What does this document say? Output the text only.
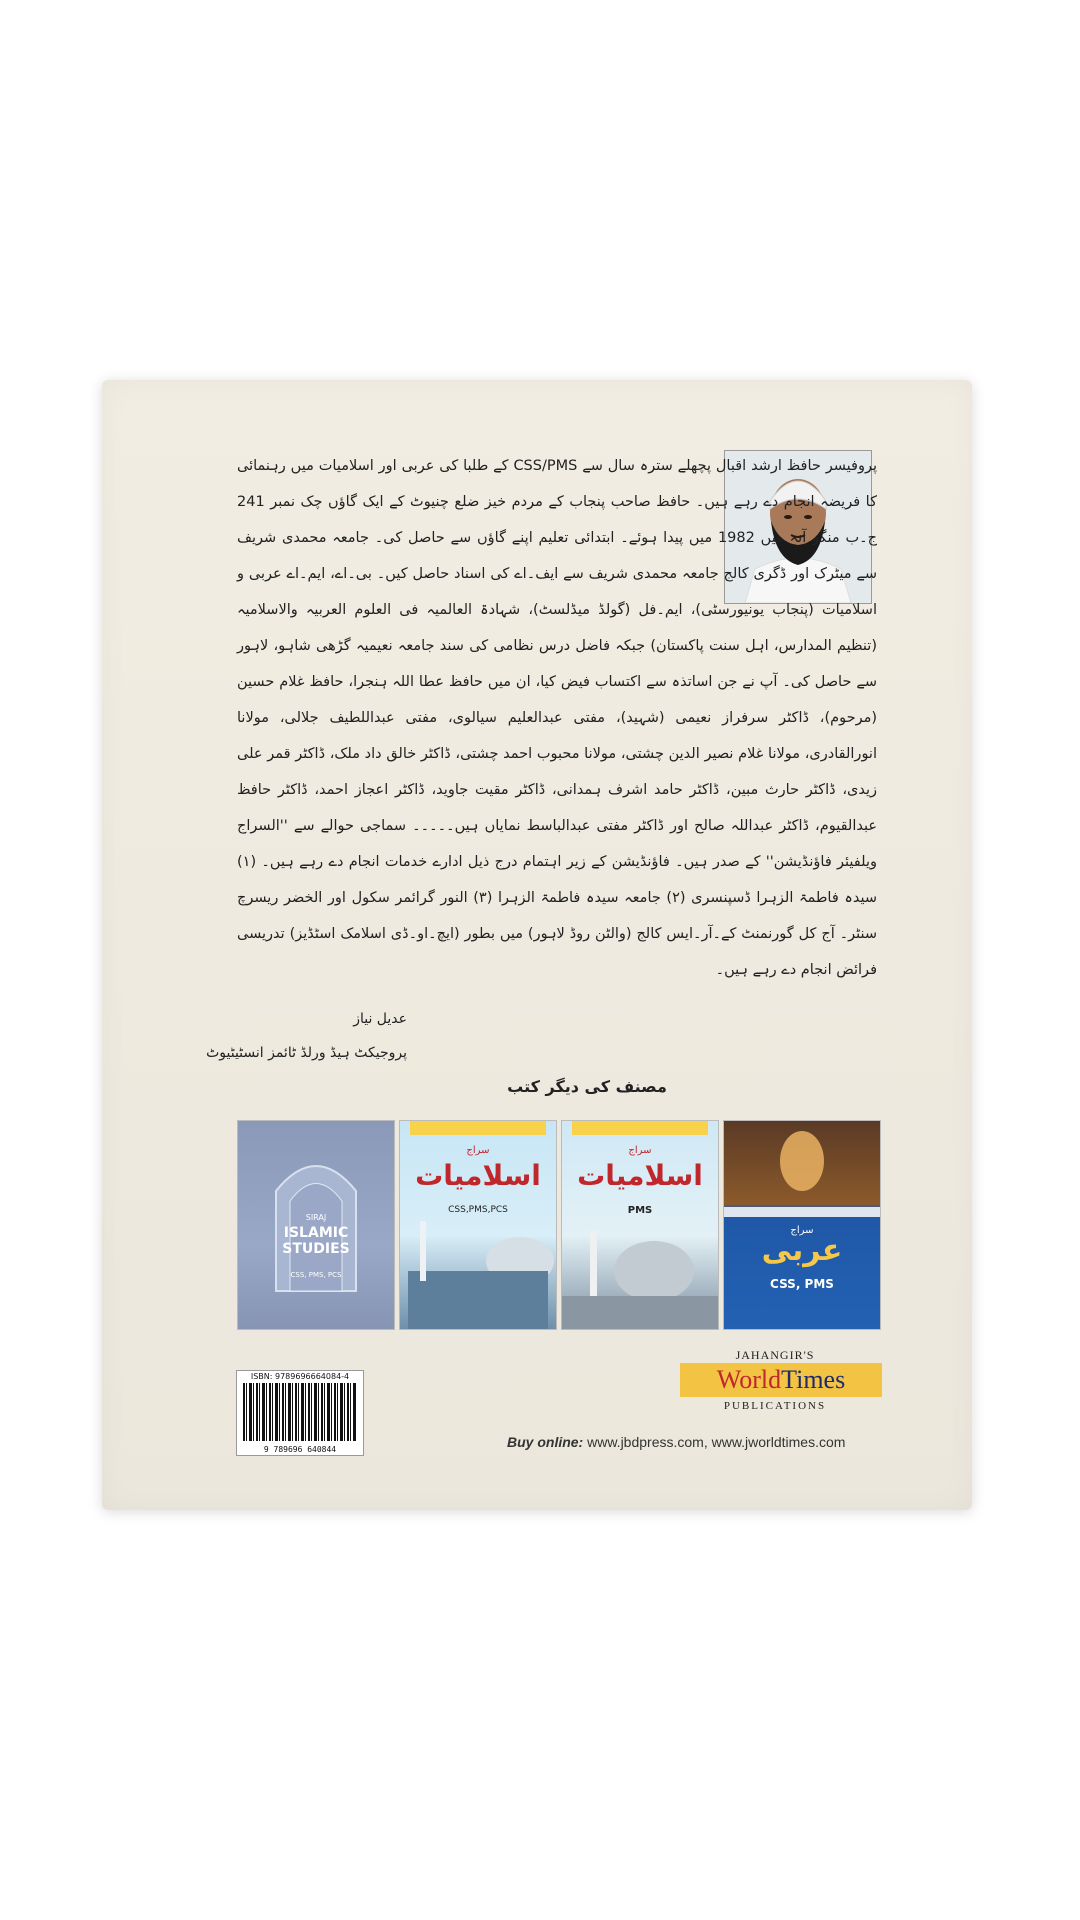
پروفیسر حافظ ارشد اقبال پچھلے سترہ سال سے CSS/PMS کے طلبا کی عربی اور اسلامیات میں رہنمائی کا فریضہ انجام دے رہے ہیں۔ حافظ صاحب پنجاب کے مردم خیز ضلع چنیوٹ کے ایک گاؤں چک نمبر 241 ج۔ب منگو آنہ میں 1982 میں پیدا ہوئے۔ ابتدائی تعلیم اپنے گاؤں سے حاصل کی۔ جامعہ محمدی شریف سے میٹرک اور ڈگری کالج جامعہ محمدی شریف سے ایف۔اے کی اسناد حاصل کیں۔ بی۔اے، ایم۔اے عربی و اسلامیات (پنجاب یونیورسٹی)، ایم۔فل (گولڈ میڈلسٹ)، شہادۃ العالمیہ فی العلوم العربیہ والاسلامیہ (تنظیم المدارس، اہل سنت پاکستان) جبکہ فاضل درس نظامی کی سند جامعہ نعیمیہ گڑھی شاہو، لاہور سے حاصل کی۔ آپ نے جن اساتذہ سے اکتساب فیض کیا، ان میں حافظ عطا اللہ ہنجرا، حافظ غلام حسین (مرحوم)، ڈاکٹر سرفراز نعیمی (شہید)، مفتی عبدالعلیم سیالوی، مفتی عبداللطیف جلالی، مولانا انورالقادری، مولانا غلام نصیر الدین چشتی، مولانا محبوب احمد چشتی، ڈاکٹر خالق داد ملک، ڈاکٹر قمر علی زیدی، ڈاکٹر حارث مبین، ڈاکٹر حامد اشرف ہمدانی، ڈاکٹر مقیت جاوید، ڈاکٹر اعجاز احمد، ڈاکٹر حافظ عبدالقیوم، ڈاکٹر عبداللہ صالح اور ڈاکٹر مفتی عبدالباسط نمایاں ہیں۔۔۔۔۔ سماجی حوالے سے ''السراج ویلفیئر فاؤنڈیشن'' کے صدر ہیں۔ فاؤنڈیشن کے زیر اہتمام درج ذیل ادارے خدمات انجام دے رہے ہیں۔ (۱) سیدہ فاطمۃ الزہرا ڈسپنسری (۲) جامعہ سیدہ فاطمۃ الزہرا (۳) النور گرائمر سکول اور الخضر ریسرچ سنٹر۔ آج کل گورنمنٹ کے۔آر۔ایس کالج (والٹن روڈ لاہور) میں بطور (ایچ۔او۔ڈی اسلامک اسٹڈیز) تدریسی فرائض انجام دے رہے ہیں۔
عدیل نیاز
پروجیکٹ ہیڈ ورلڈ ٹائمز انسٹیٹیوٹ
مصنف کی دیگر کتب
SIRAJ
ISLAMIC STUDIES
CSS, PMS, PCS
سراج
اسلامیات
CSS,PMS,PCS
سراج
اسلامیات
PMS
سراج
عربی
CSS, PMS
ISBN: 9789696664084-4
9 789696 640844
JAHANGIR'S
World Times
PUBLICATIONS
Buy online: www.jbdpress.com, www.jworldtimes.com
